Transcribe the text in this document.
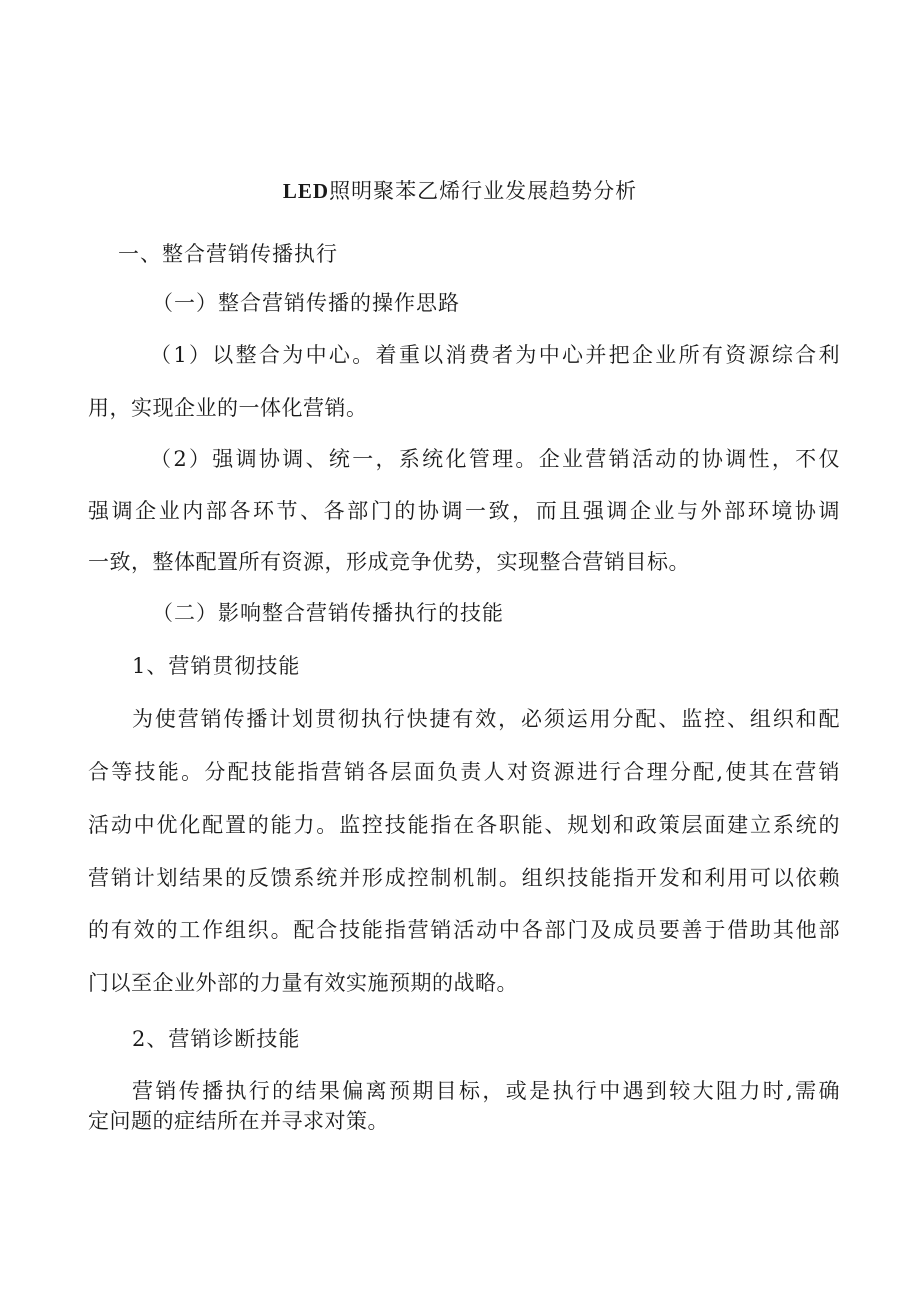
LED照明聚苯乙烯行业发展趋势分析
一、整合营销传播执行
（一）整合营销传播的操作思路
（1）以整合为中心。着重以消费者为中心并把企业所有资源综合利
用，实现企业的一体化营销。
（2）强调协调、统一，系统化管理。企业营销活动的协调性，不仅
强调企业内部各环节、各部门的协调一致，而且强调企业与外部环境协调
一致，整体配置所有资源，形成竞争优势，实现整合营销目标。
（二）影响整合营销传播执行的技能
1、营销贯彻技能
为使营销传播计划贯彻执行快捷有效，必须运用分配、监控、组织和配
合等技能。分配技能指营销各层面负责人对资源进行合理分配,使其在营销
活动中优化配置的能力。监控技能指在各职能、规划和政策层面建立系统的
营销计划结果的反馈系统并形成控制机制。组织技能指开发和利用可以依赖
的有效的工作组织。配合技能指营销活动中各部门及成员要善于借助其他部
门以至企业外部的力量有效实施预期的战略。
2、营销诊断技能
营销传播执行的结果偏离预期目标，或是执行中遇到较大阻力时,需确
定问题的症结所在并寻求对策。
